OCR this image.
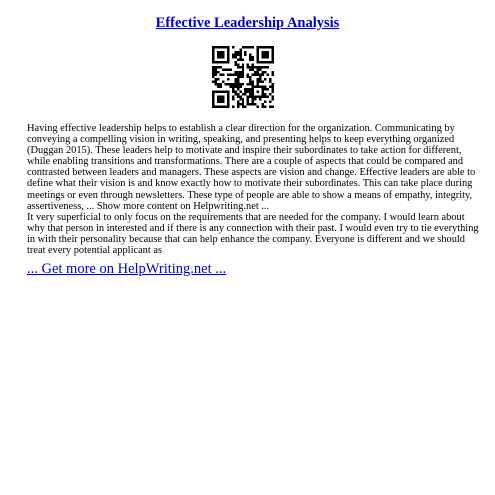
Effective Leadership Analysis

Having effective leadership helps to establish a clear direction for the organization. Communicating by conveying a compelling vision in writing, speaking, and presenting helps to keep everything organized (Duggan 2015). These leaders help to motivate and inspire their subordinates to take action for different, while enabling transitions and transformations. There are a couple of aspects that could be compared and contrasted between leaders and managers. These aspects are vision and change. Effective leaders are able to define what their vision is and know exactly how to motivate their subordinates. This can take place during meetings or even through newsletters. These type of people are able to show a means of empathy, integrity, assertiveness, ... Show more content on Helpwriting.net ...

It very superficial to only focus on the requirements that are needed for the company. I would learn about why that person in interested and if there is any connection with their past. I would even try to tie everything in with their personality because that can help enhance the company. Everyone is different and we should treat every potential applicant as

... Get more on HelpWriting.net ...
